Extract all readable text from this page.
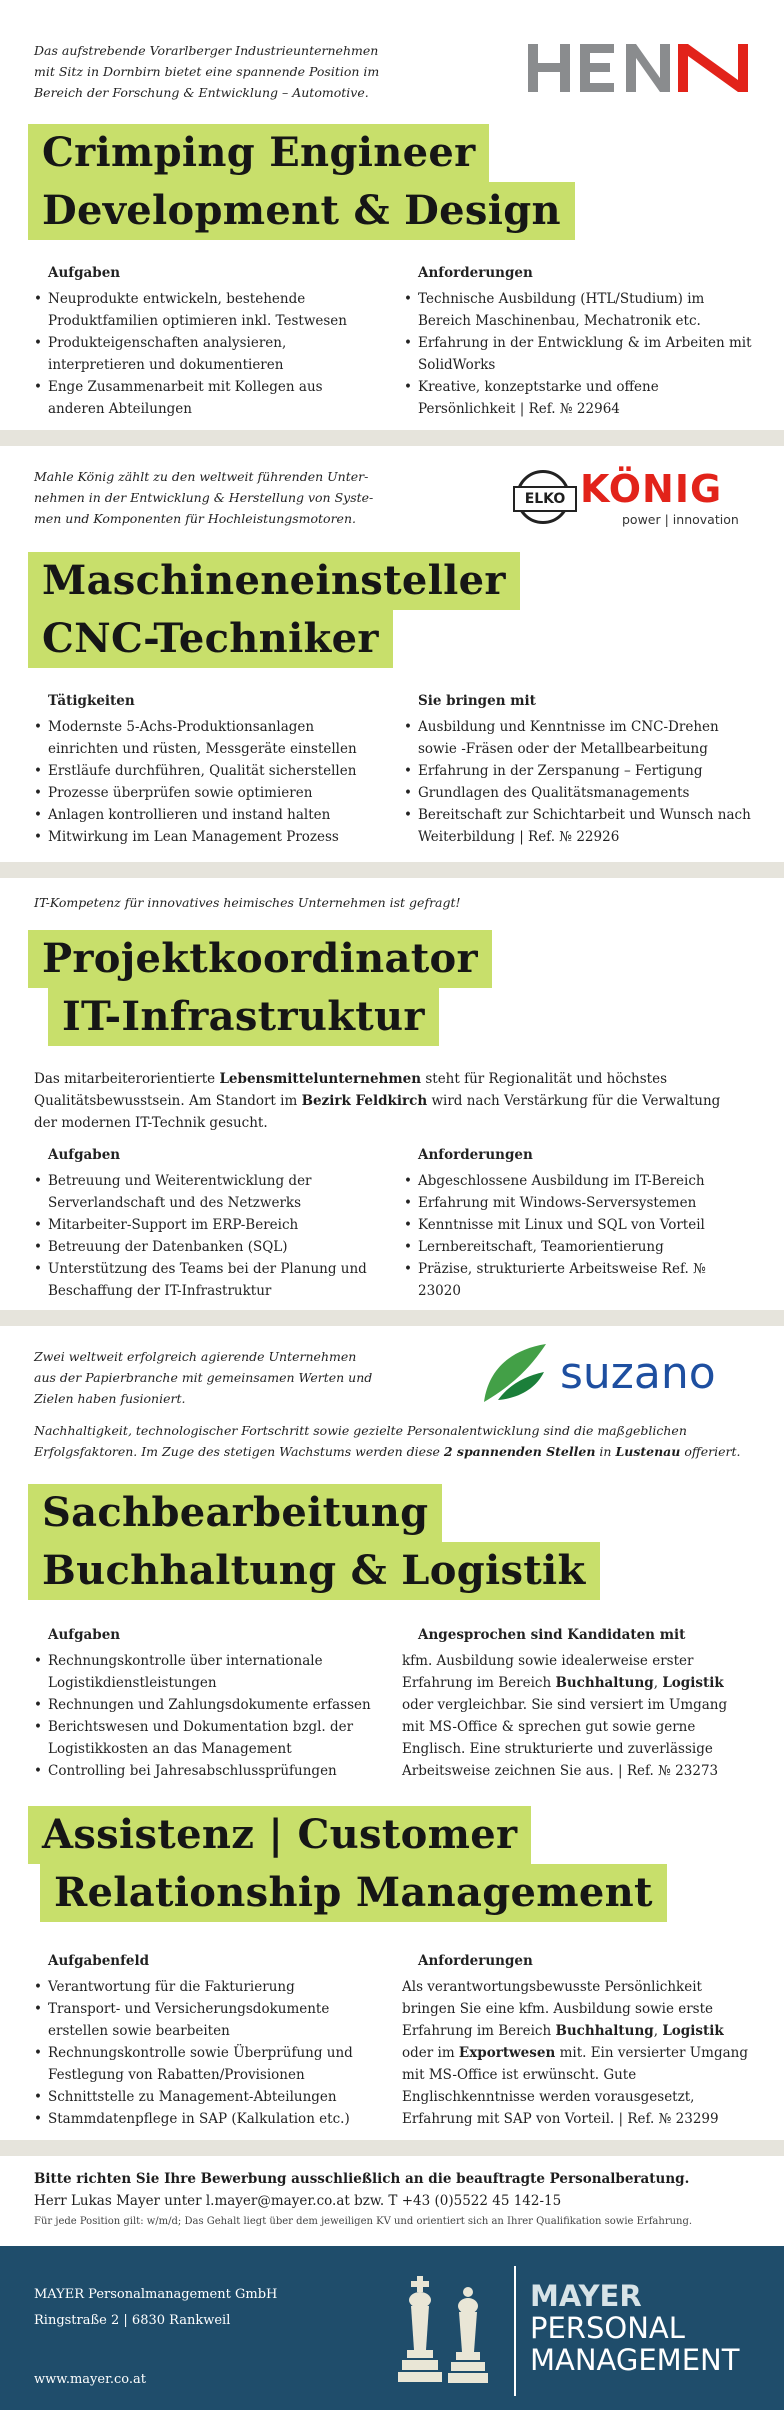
Das aufstrebende Vorarlberger Industrieunternehmen
mit Sitz in Dornbirn bietet eine spannende Position im
Bereich der Forschung & Entwicklung – Automotive.
Crimping Engineer
Development & Design
Aufgaben
• Neuprodukte entwickeln, bestehende Produktfamilien optimieren inkl. Testwesen
• Produkteigenschaften analysieren, interpretieren und dokumentieren
• Enge Zusammenarbeit mit Kollegen aus anderen Abteilungen
Anforderungen
• Technische Ausbildung (HTL/Studium) im Bereich Maschinenbau, Mechatronik etc.
• Erfahrung in der Entwicklung & im Arbeiten mit SolidWorks
• Kreative, konzeptstarke und offene Persönlichkeit | Ref. № 22964
Mahle König zählt zu den weltweit führenden Unter-
nehmen in der Entwicklung & Herstellung von Syste-
men und Komponenten für Hochleistungsmotoren.
ELKO KÖNIG
power | innovation
Maschineneinsteller
CNC-Techniker
Tätigkeiten
• Modernste 5-Achs-Produktionsanlagen einrichten und rüsten, Messgeräte einstellen
• Erstläufe durchführen, Qualität sicherstellen
• Prozesse überprüfen sowie optimieren
• Anlagen kontrollieren und instand halten
• Mitwirkung im Lean Management Prozess
Sie bringen mit
• Ausbildung und Kenntnisse im CNC-Drehen sowie -Fräsen oder der Metallbearbeitung
• Erfahrung in der Zerspanung – Fertigung
• Grundlagen des Qualitätsmanagements
• Bereitschaft zur Schichtarbeit und Wunsch nach Weiterbildung | Ref. № 22926
IT-Kompetenz für innovatives heimisches Unternehmen ist gefragt!
Projektkoordinator
IT-Infrastruktur
Das mitarbeiterorientierte Lebensmittelunternehmen steht für Regionalität und höchstes Qualitätsbewusstsein. Am Standort im Bezirk Feldkirch wird nach Verstärkung für die Verwaltung der modernen IT-Technik gesucht.
Aufgaben
• Betreuung und Weiterentwicklung der Serverlandschaft und des Netzwerks
• Mitarbeiter-Support im ERP-Bereich
• Betreuung der Datenbanken (SQL)
• Unterstützung des Teams bei der Planung und Beschaffung der IT-Infrastruktur
Anforderungen
• Abgeschlossene Ausbildung im IT-Bereich
• Erfahrung mit Windows-Serversystemen
• Kenntnisse mit Linux und SQL von Vorteil
• Lernbereitschaft, Teamorientierung
• Präzise, strukturierte Arbeitsweise Ref. № 23020
Zwei weltweit erfolgreich agierende Unternehmen
aus der Papierbranche mit gemeinsamen Werten und
Zielen haben fusioniert.	suzano
Nachhaltigkeit, technologischer Fortschritt sowie gezielte Personalentwicklung sind die maßgeblichen Erfolgsfaktoren. Im Zuge des stetigen Wachstums werden diese 2 spannenden Stellen in Lustenau offeriert.
Sachbearbeitung
Buchhaltung & Logistik
Aufgaben
• Rechnungskontrolle über internationale Logistikdienstleistungen
• Rechnungen und Zahlungsdokumente erfassen
• Berichtswesen und Dokumentation bzgl. der Logistikkosten an das Management
• Controlling bei Jahresabschlussprüfungen
Angesprochen sind Kandidaten mit

kfm. Ausbildung sowie idealerweise erster Erfahrung im Bereich Buchhaltung, Logistik oder vergleichbar. Sie sind versiert im Umgang mit MS-Office & sprechen gut sowie gerne Englisch. Eine strukturierte und zuverlässige Arbeitsweise zeichnen Sie aus. | Ref. № 23273

Assistenz | Customer
Relationship Management
Aufgabenfeld
• Verantwortung für die Fakturierung
• Transport- und Versicherungsdokumente erstellen sowie bearbeiten
• Rechnungskontrolle sowie Überprüfung und Festlegung von Rabatten/Provisionen
• Schnittstelle zu Management-Abteilungen
• Stammdatenpflege in SAP (Kalkulation etc.)
Anforderungen

Als verantwortungsbewusste Persönlichkeit bringen Sie eine kfm. Ausbildung sowie erste Erfahrung im Bereich Buchhaltung, Logistik oder im Exportwesen mit. Ein versierter Umgang mit MS-Office ist erwünscht. Gute Englischkenntnisse werden vorausgesetzt, Erfahrung mit SAP von Vorteil. | Ref. № 23299

Bitte richten Sie Ihre Bewerbung ausschließlich an die beauftragte Personalberatung.
Herr Lukas Mayer unter l.mayer@mayer.co.at bzw. T +43 (0)5522 45 142-15
Für jede Position gilt: w/m/d; Das Gehalt liegt über dem jeweiligen KV und orientiert sich an Ihrer Qualifikation sowie Erfahrung.
MAYER Personalmanagement GmbH
Ringstraße 2 | 6830 Rankweil
www.mayer.co.at
MAYER
PERSONAL
MANAGEMENT
